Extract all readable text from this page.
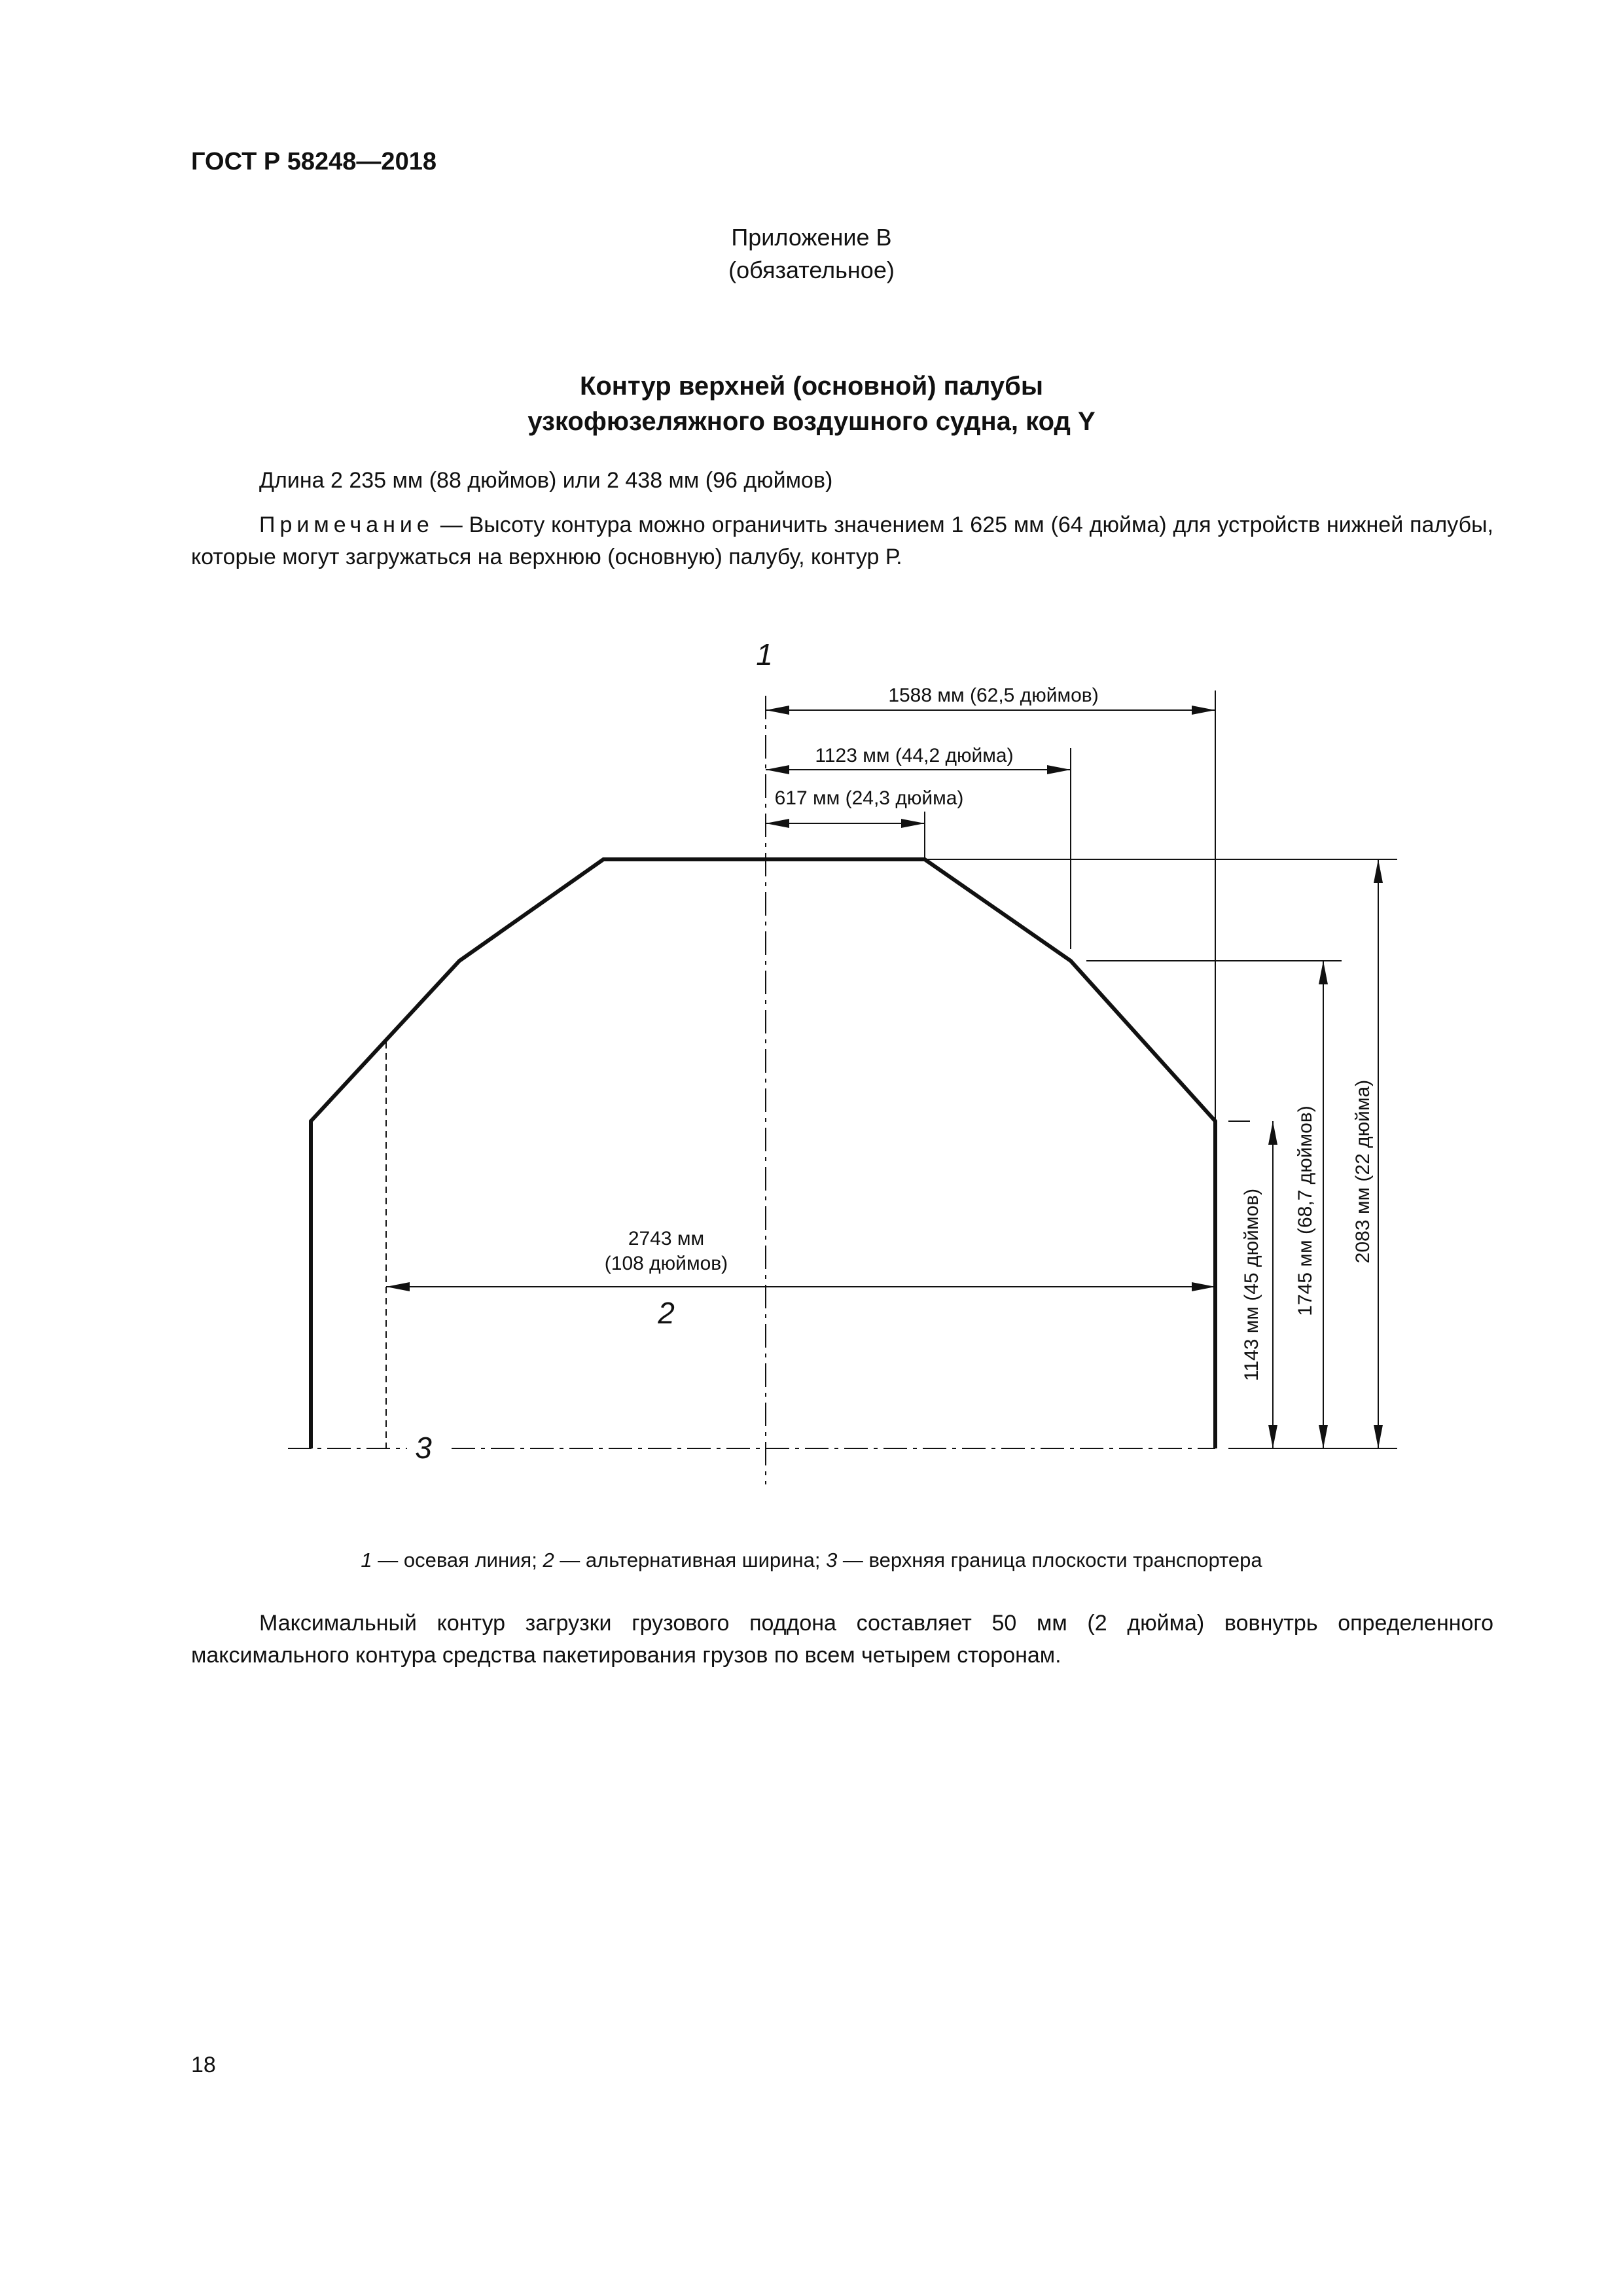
ГОСТ Р 58248—2018
Приложение В
(обязательное)
Контур верхней (основной) палубы
узкофюзеляжного воздушного судна, код Y
Длина 2 235 мм (88 дюймов) или 2 438 мм (96 дюймов)
Примечание — Высоту контура можно ограничить значением 1 625 мм (64 дюйма) для устройств нижней палубы, которые могут загружаться на верхнюю (основную) палубу, контур Р.
1
2
3
1588 мм (62,5 дюймов)
1123 мм (44,2 дюйма)
617 мм (24,3 дюйма)
2743 мм
(108 дюймов)	1143 мм (45 дюймов) 1745 мм (68,7 дюймов) 2083 мм (22 дюйма)
1 — осевая линия; 2 — альтернативная ширина; 3 — верхняя граница плоскости транспортера
Максимальный контур загрузки грузового поддона составляет 50 мм (2 дюйма) вовнутрь определенного максимального контура средства пакетирования грузов по всем четырем сторонам.
18
